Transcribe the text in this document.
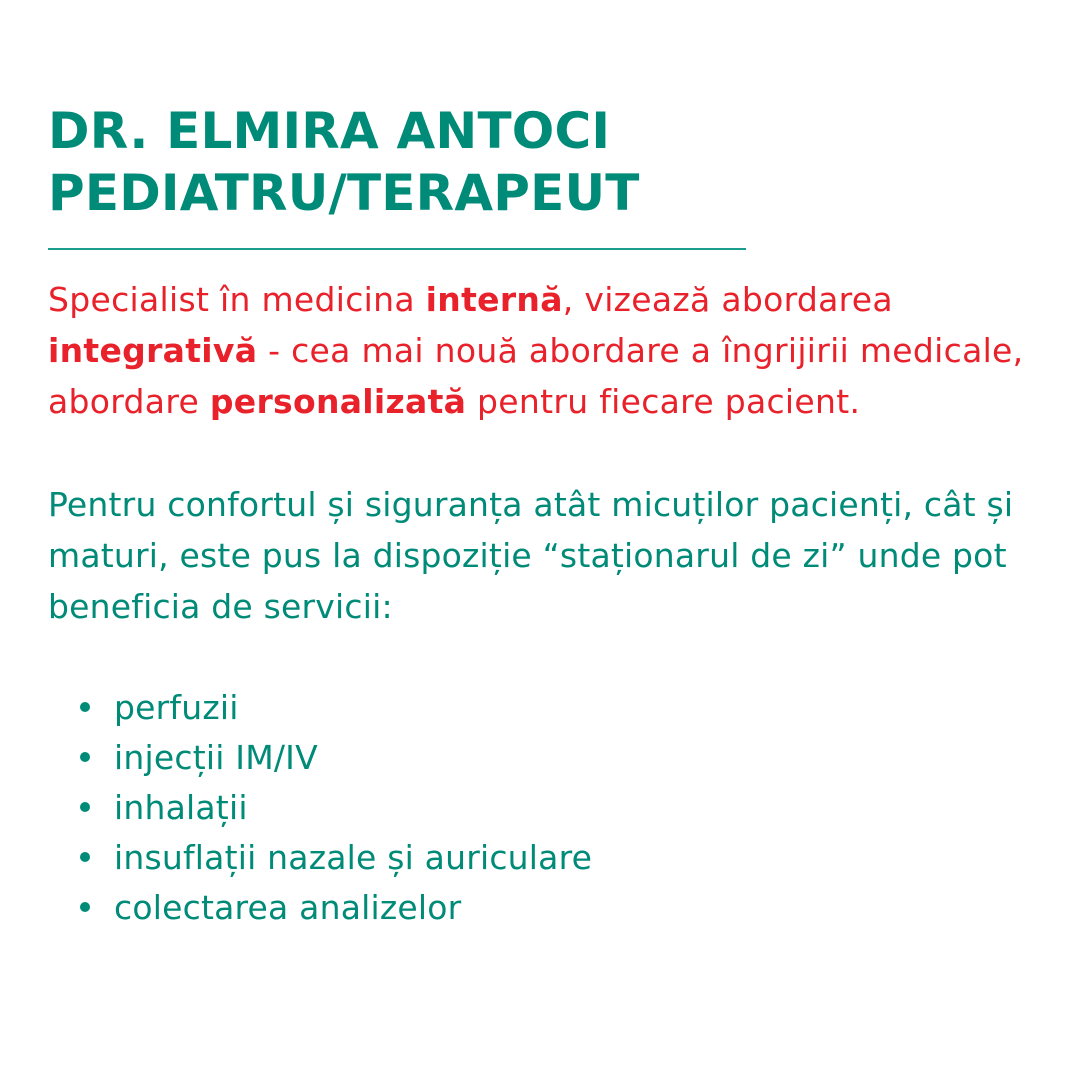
DR. ELMIRA ANTOCI
PEDIATRU/TERAPEUT

Specialist în medicina internă, vizează abordarea integrativă - cea mai nouă abordare a îngrijirii medicale, abordare personalizată pentru fiecare pacient.

Pentru confortul și siguranța atât micuților pacienți, cât și maturi, este pus la dispoziție “staționarul de zi” unde pot beneficia de servicii:

perfuzii
injecții IM/IV
inhalații
insuflații nazale și auriculare
colectarea analizelor
